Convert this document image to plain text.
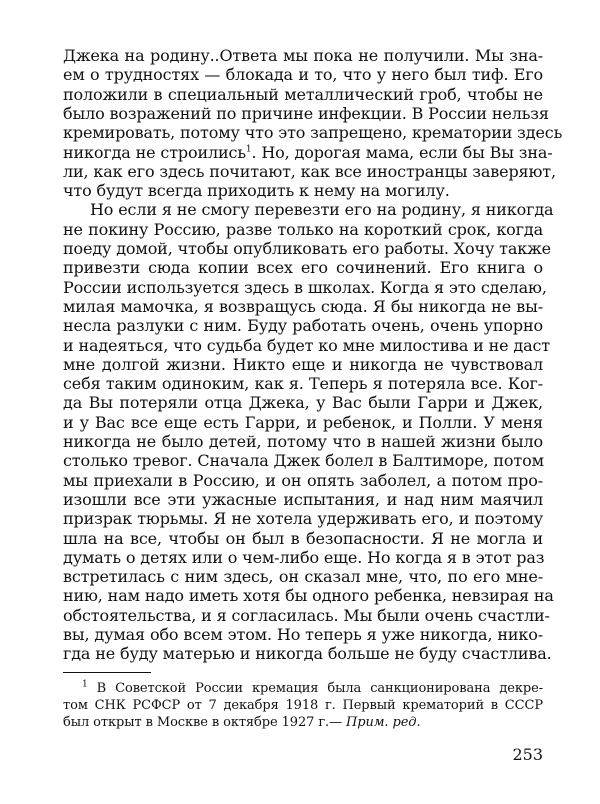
Джека на родину..Ответа мы пока не получили. Мы зна-
ем о трудностях — блокада и то, что у него был тиф. Его
положили в специальный металлический гроб, чтобы не
было возражений по причине инфекции. В России нельзя
кремировать, потому что это запрещено, крематории здесь
никогда не строились$^1$. Но, дорогая мама, если бы Вы зна-
ли, как его здесь почитают, как все иностранцы заверяют,
что будут всегда приходить к нему на могилу.
Но если я не смогу перевезти его на родину, я никогда
не покину Россию, разве только на короткий срок, когда
поеду домой, чтобы опубликовать его работы. Хочу также
привезти сюда копии всех его сочинений. Его книга о
России используется здесь в школах. Когда я это сделаю,
милая мамочка, я возвращусь сюда. Я бы никогда не вы-
несла разлуки с ним. Буду работать очень, очень упорно
и надеяться, что судьба будет ко мне милостива и не даст
мне долгой жизни. Никто еще и никогда не чувствовал
себя таким одиноким, как я. Теперь я потеряла все. Ког-
да Вы потеряли отца Джека, у Вас были Гарри и Джек,
и у Вас все еще есть Гарри, и ребенок, и Полли. У меня
никогда не было детей, потому что в нашей жизни было
столько тревог. Сначала Джек болел в Балтиморе, потом
мы приехали в Россию, и он опять заболел, а потом про-
изошли все эти ужасные испытания, и над ним маячил
призрак тюрьмы. Я не хотела удерживать его, и поэтому
шла на все, чтобы он был в безопасности. Я не могла и
думать о детях или о чем-либо еще. Но когда я в этот раз
встретилась с ним здесь, он сказал мне, что, по его мне-
нию, нам надо иметь хотя бы одного ребенка, невзирая на
обстоятельства, и я согласилась. Мы были очень счастли-
вы, думая обо всем этом. Но теперь я уже никогда, нико-
гда не буду матерью и никогда больше не буду счастлива.
$^1$ В Советской России кремация была санкционирована декре-
том СНК РСФСР от 7 декабря 1918 г. Первый крематорий в СССР
был открыт в Москве в октябре 1927 г.— Прим. ред.
253
